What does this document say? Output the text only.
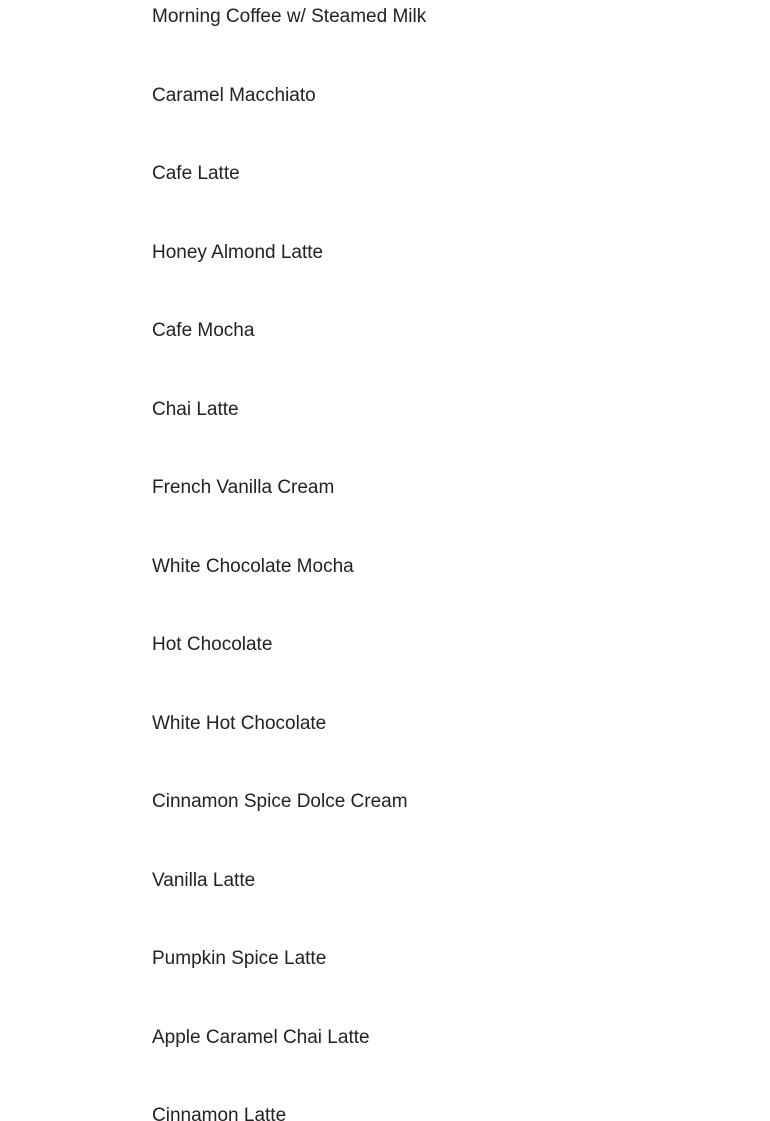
Morning Coffee w/ Steamed Milk
Caramel Macchiato
Cafe Latte
Honey Almond Latte
Cafe Mocha
Chai Latte
French Vanilla Cream
White Chocolate Mocha
Hot Chocolate
White Hot Chocolate
Cinnamon Spice Dolce Cream
Vanilla Latte
Pumpkin Spice Latte
Apple Caramel Chai Latte
Cinnamon Latte
